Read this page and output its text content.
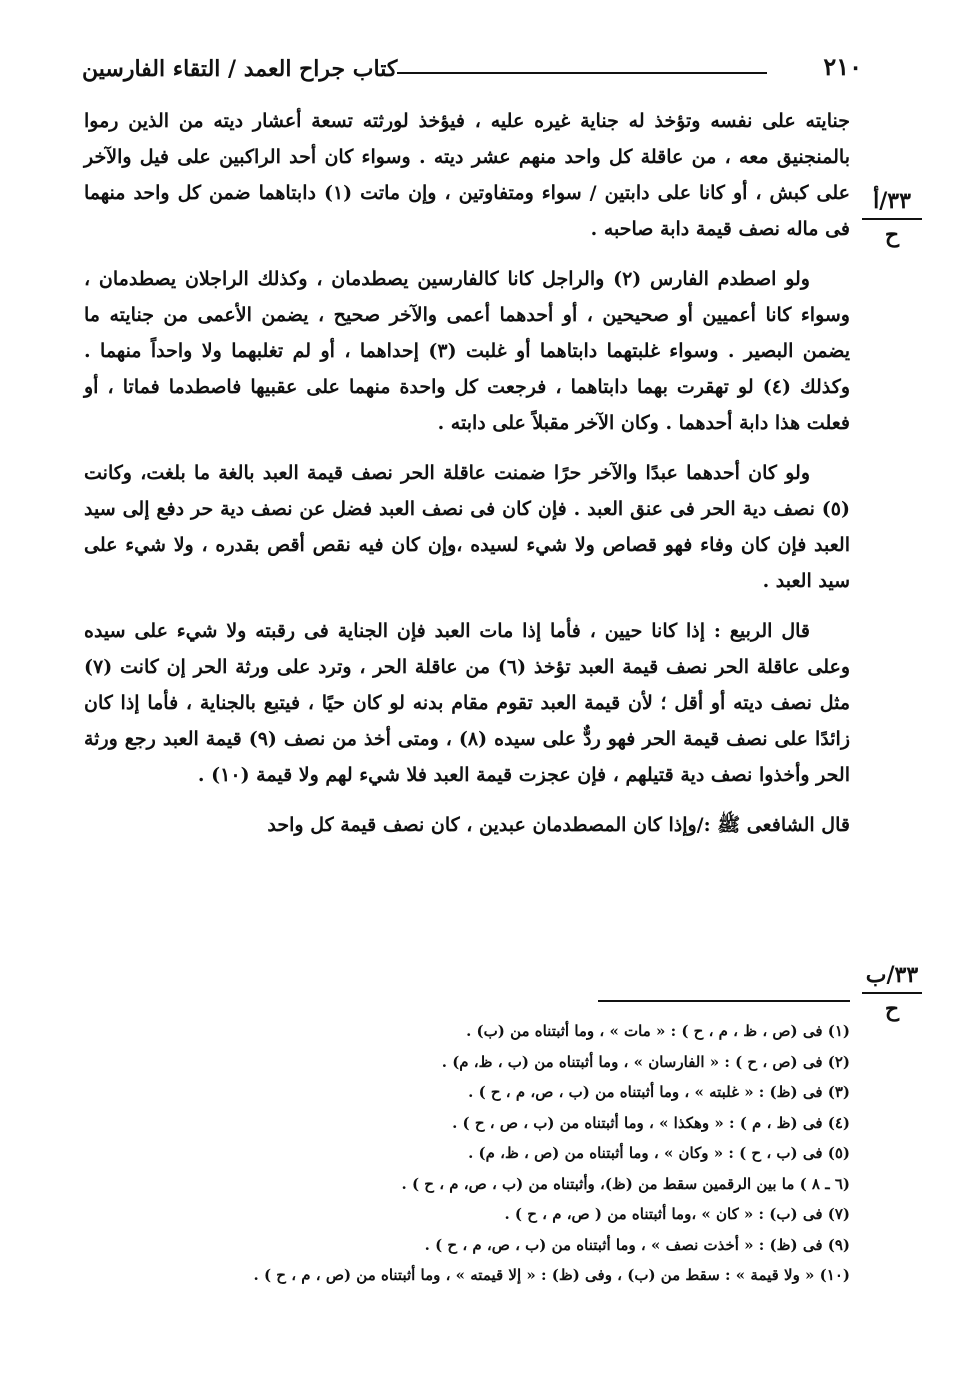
٢١٠
كتاب جراح العمد / التقاء الفارسين
٣٣/أ
ح
٣٣/ب
ح

جنايته على نفسه وتؤخذ له جناية غيره عليه ، فيؤخذ لورثته تسعة أعشار ديته من الذين رموا بالمنجنيق معه ، من عاقلة كل واحد منهم عشر ديته . وسواء كان أحد الراكبين على فيل والآخر على كبش ، أو كانا على دابتين / سواء ومتفاوتين ، وإن ماتت (١) دابتاهما ضمن كل واحد منهما فى ماله نصف قيمة دابة صاحبه .

ولو اصطدم الفارس (٢) والراجل كانا كالفارسين يصطدمان ، وكذلك الراجلان يصطدمان ، وسواء كانا أعميين أو صحيحين ، أو أحدهما أعمى والآخر صحيح ، يضمن الأعمى من جنايته ما يضمن البصير . وسواء غلبتهما دابتاهما أو غلبت (٣) إحداهما ، أو لم تغلبهما ولا واحداً منهما . وكذلك (٤) لو تهقرت بهما دابتاهما ، فرجعت كل واحدة منهما على عقبيها فاصطدما فماتا ، أو فعلت هذا دابة أحدهما . وكان الآخر مقبلاً على دابته .

ولو كان أحدهما عبدًا والآخر حرًا ضمنت عاقلة الحر نصف قيمة العبد بالغة ما بلغت، وكانت (٥) نصف دية الحر فى عنق العبد . فإن كان فى نصف العبد فضل عن نصف دية حر دفع إلى سيد العبد فإن كان وفاء فهو قصاص ولا شيء لسيده ،وإن كان فيه نقص أقص بقدره ، ولا شيء على سيد العبد .

قال الربيع : إذا كانا حيين ، فأما إذا مات العبد فإن الجناية فى رقبته ولا شيء على سيده وعلى عاقلة الحر نصف قيمة العبد تؤخذ (٦) من عاقلة الحر ، وترد على ورثة الحر إن كانت (٧) مثل نصف ديته أو أقل ؛ لأن قيمة العبد تقوم مقام بدنه لو كان حيًا ، فيتبع بالجناية ، فأما إذا كان زائدًا على نصف قيمة الحر فهو ردٌّ على سيده (٨) ، ومتى أخذ من نصف (٩) قيمة العبد رجع ورثة الحر وأخذوا نصف دية قتيلهم ، فإن عجزت قيمة العبد فلا شيء لهم ولا قيمة (١٠) .

قال الشافعى ﷺ :/وإذا كان المصطدمان عبدين ، كان نصف قيمة كل واحد

(١) فى (ص ، ظ ، م ، ح ) : « مات » ، وما أثبتناه من (ب) .
(٢) فى (ص ، ح ) : « الفارسان » ، وما أثبتناه من (ب ، ظ، م) .
(٣) فى (ظ) : « غلبته » ، وما أثبتناه من (ب ، ص، م ، ح ) .
(٤) فى (ظ ، م ) : « وهكذا » ، وما أثبتناه من (ب ، ص ، ح ) .
(٥) فى (ب ، ح ) : « وكان » ، وما أثبتناه من (ص ، ظ، م) .
(٦ ـ ٨ ) ما بين الرقمين سقط من (ظ)، وأثبتناه من (ب ، ص، م ، ح ) .
(٧) فى (ب) : « كان » ،وما أثبتناه من ( ص، م ، ح ) .
(٩) فى (ظ) : « أخذت نصف » ، وما أثبتناه من (ب ، ص، م ، ح ) .
(١٠) « ولا قيمة » : سقط من (ب) ، وفى (ظ) : « إلا قيمته » ، وما أثبتناه من (ص ، م ، ح ) .
